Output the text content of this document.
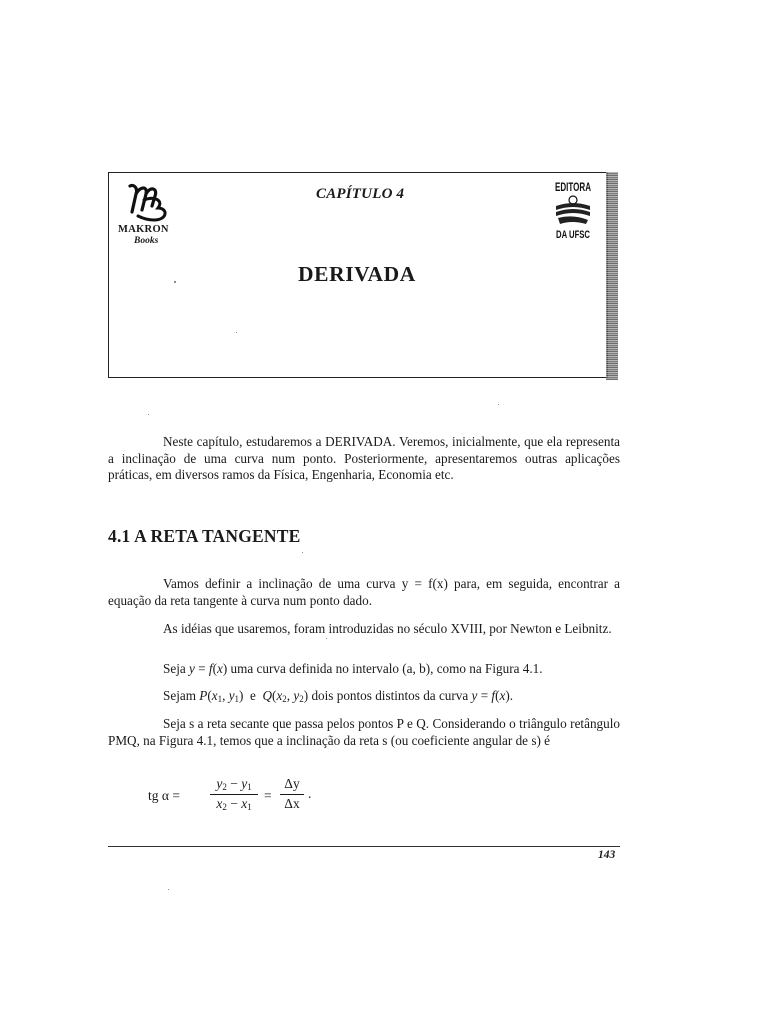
MAKRON
Books
CAPÍTULO 4	EDITORA
DA UFSC
DERIVADA
Neste capítulo, estudaremos a DERIVADA. Veremos, inicialmente, que ela representa a inclinação de uma curva num ponto. Posteriormente, apresentaremos outras aplicações práticas, em diversos ramos da Física, Engenharia, Economia etc.
4.1 A RETA TANGENTE
Vamos definir a inclinação de uma curva y = f(x) para, em seguida, encontrar a equação da reta tangente à curva num ponto dado.
As idéias que usaremos, foram introduzidas no século XVIII, por Newton e Leibnitz.
Seja y = f(x) uma curva definida no intervalo (a, b), como na Figura 4.1.
Sejam $P(x_1$, $y_1$)  e  $Q(x_2$, $y_2$) dois pontos distintos da curva y = f(x).
Seja s a reta secante que passa pelos pontos P e Q. Considerando o triângulo retângulo PMQ, na Figura 4.1, temos que a inclinação da reta s (ou coeficiente angular de s) é
tg α =
$y_2 - y_1$
$x_2 - x_1$
=
Δy
Δx
.
143
